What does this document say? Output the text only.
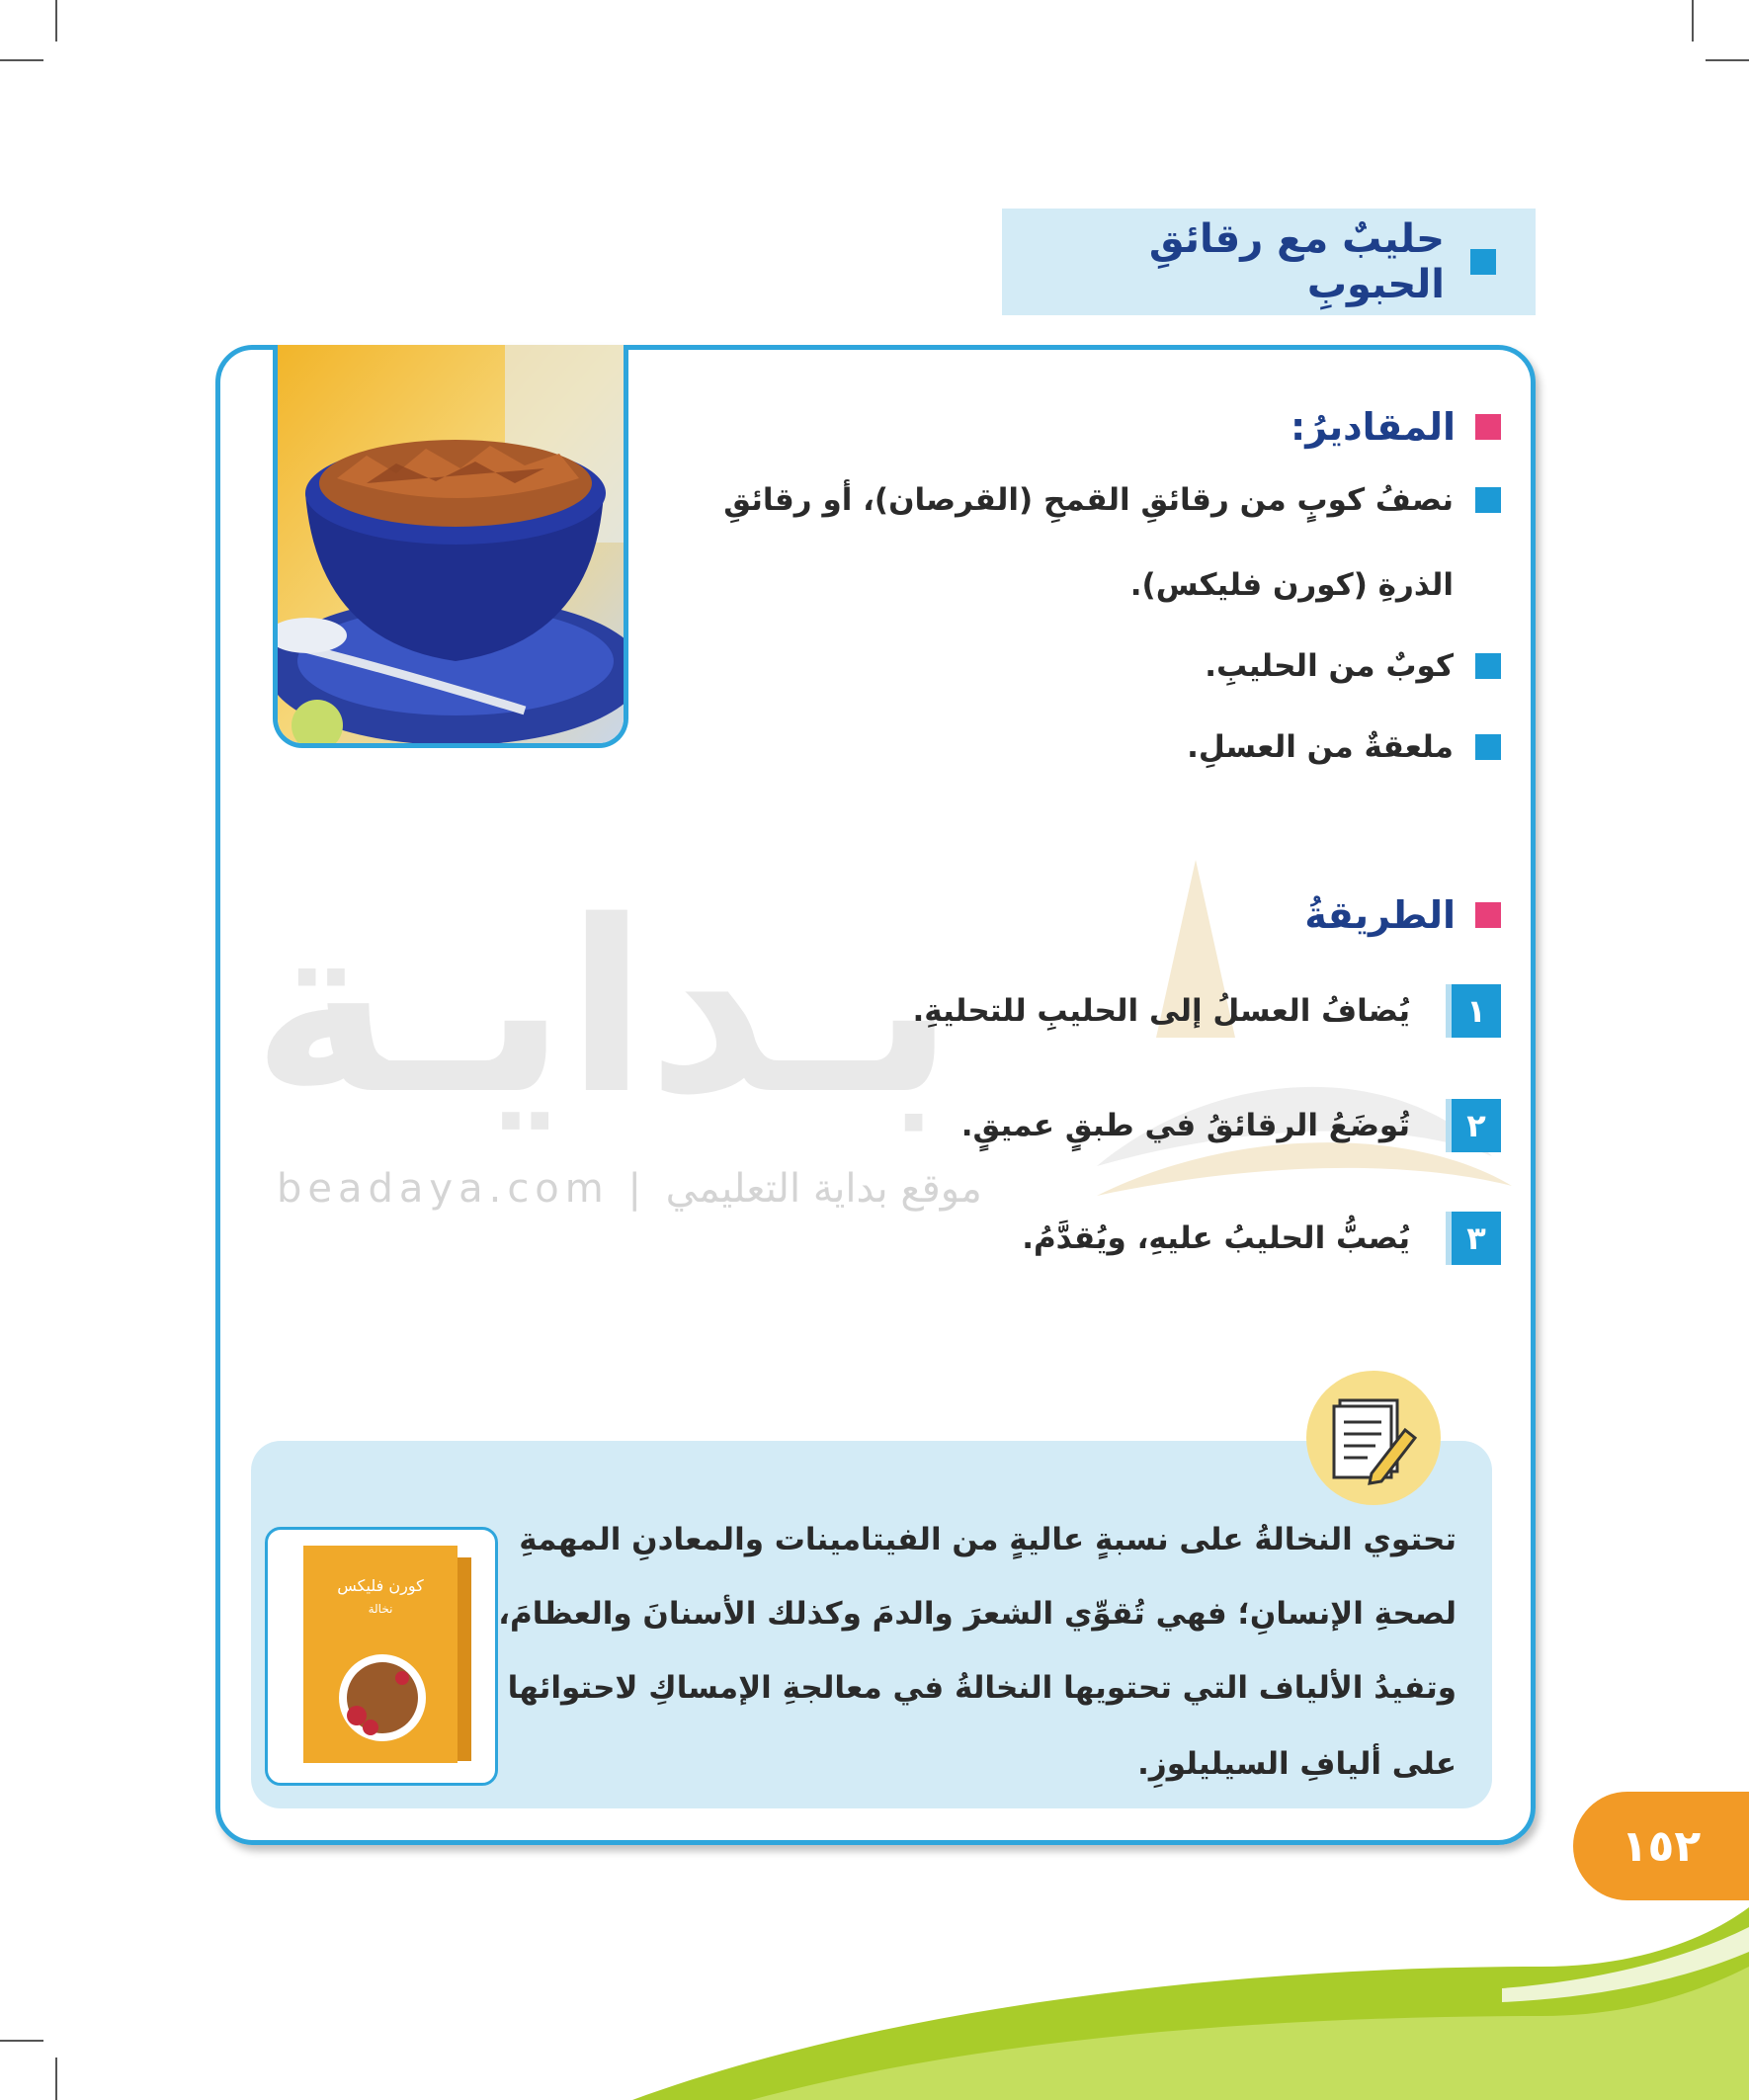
بـدايـة
beadaya.com | موقع بداية التعليمي
حليبٌ مع رقائقِ الحبوبِ
المقاديرُ:
نصفُ كوبٍ من رقائقِ القمحِ (القرصان)، أو رقائقِ
الذرةِ (كورن فليكس).
كوبٌ من الحليبِ.
ملعقةٌ من العسلِ.
الطريقةُ
١
يُضافُ العسلُ إلى الحليبِ للتحليةِ.
٢
تُوضَعُ الرقائقُ في طبقٍ عميقٍ.
٣
يُصبُّ الحليبُ عليهِ، ويُقدَّمُ.
تحتوي النخالةُ على نسبةٍ عاليةٍ من الفيتامينات والمعادنِ المهمةِ
لصحةِ الإنسانِ؛ فهي تُقوِّي الشعرَ والدمَ وكذلك الأسنانَ والعظامَ،
وتفيدُ الألياف التي تحتويها النخالةُ في معالجةِ الإمساكِ لاحتوائها
على أليافِ السيليلوزِ.
كورن فليكس
نخالة
١٥٢
